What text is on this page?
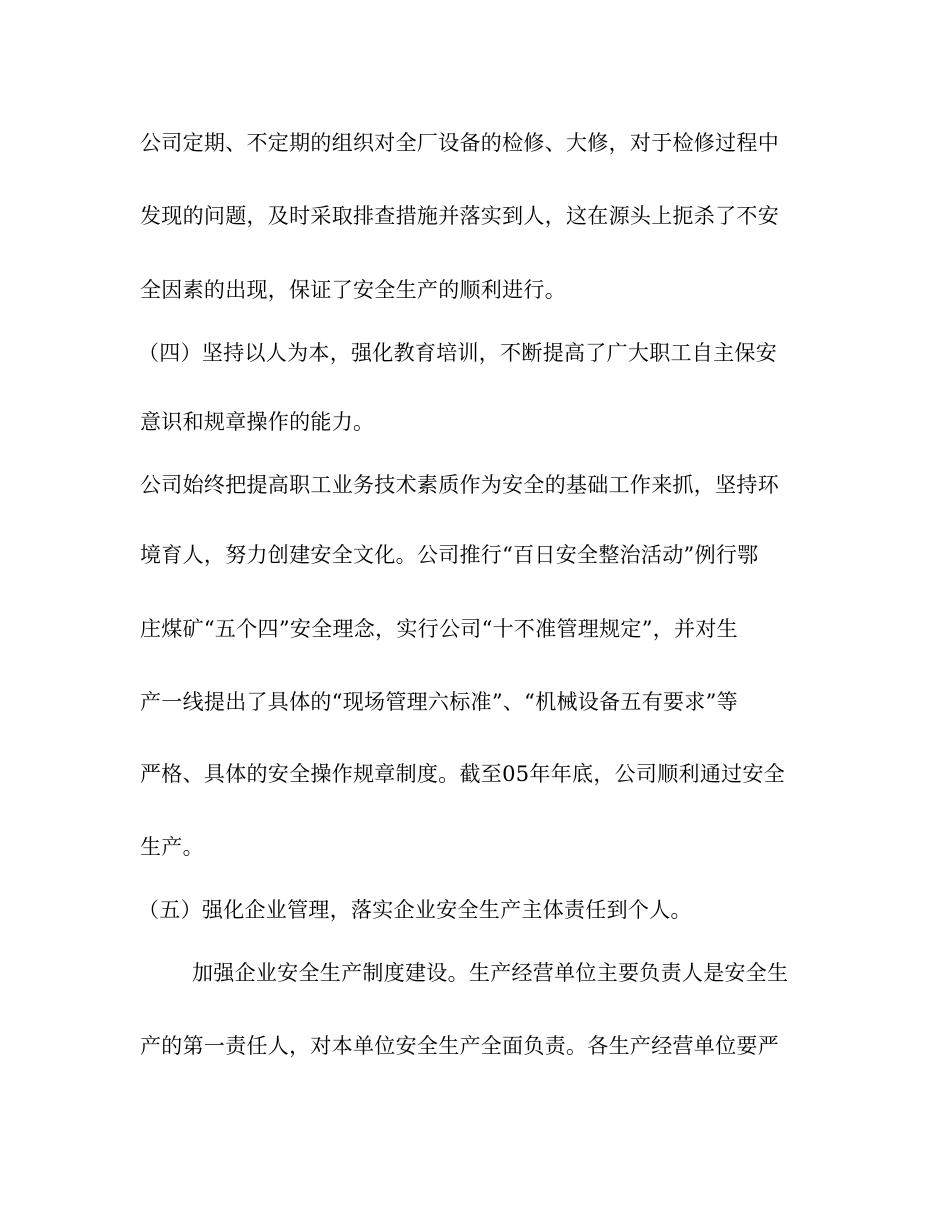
公司定期、不定期的组织对全厂设备的检修、大修，对于检修过程中
发现的问题，及时采取排查措施并落实到人，这在源头上扼杀了不安
全因素的出现，保证了安全生产的顺利进行。
（四）坚持以人为本，强化教育培训，不断提高了广大职工自主保安
意识和规章操作的能力。
公司始终把提高职工业务技术素质作为安全的基础工作来抓，坚持环
境育人，努力创建安全文化。公司推行“百日安全整治活动”例行鄂
庄煤矿“五个四”安全理念，实行公司“十不准管理规定”，并对生
产一线提出了具体的“现场管理六标准”、“机械设备五有要求”等
严格、具体的安全操作规章制度。截至05年年底，公司顺利通过安全
生产。
（五）强化企业管理，落实企业安全生产主体责任到个人。
加强企业安全生产制度建设。生产经营单位主要负责人是安全生
产的第一责任人，对本单位安全生产全面负责。各生产经营单位要严
